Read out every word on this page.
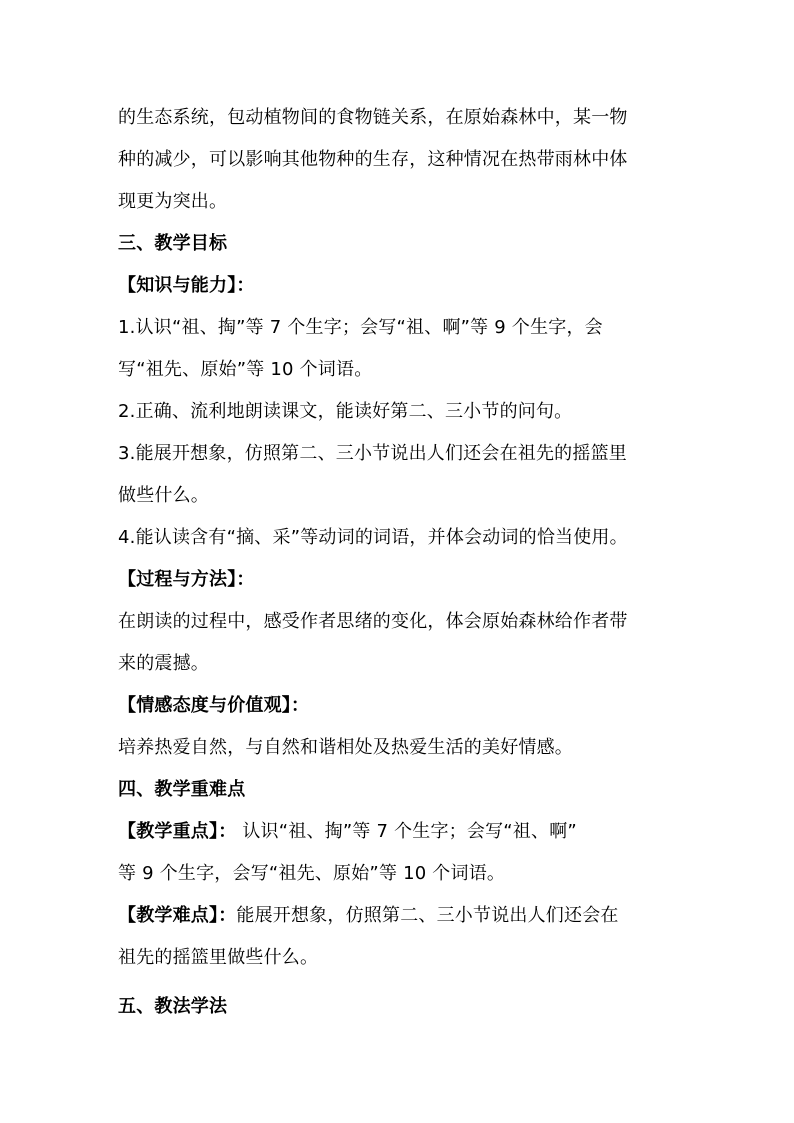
的生态系统，包动植物间的食物链关系，在原始森林中，某一物
种的减少，可以影响其他物种的生存，这种情况在热带雨林中体
现更为突出。
三、教学目标
【知识与能力】：
1.认识“祖、掏”等 7 个生字；会写“祖、啊”等 9 个生字，会
写“祖先、原始”等 10 个词语。
2.正确、流利地朗读课文，能读好第二、三小节的问句。
3.能展开想象，仿照第二、三小节说出人们还会在祖先的摇篮里
做些什么。
4.能认读含有“摘、采”等动词的词语，并体会动词的恰当使用。
【过程与方法】：
在朗读的过程中，感受作者思绪的变化，体会原始森林给作者带
来的震撼。
【情感态度与价值观】：
培养热爱自然，与自然和谐相处及热爱生活的美好情感。
四、教学重难点
【教学重点】： 认识“祖、掏”等 7 个生字；会写“祖、啊”
等 9 个生字，会写“祖先、原始”等 10 个词语。
【教学难点】：能展开想象，仿照第二、三小节说出人们还会在
祖先的摇篮里做些什么。
五、教法学法
